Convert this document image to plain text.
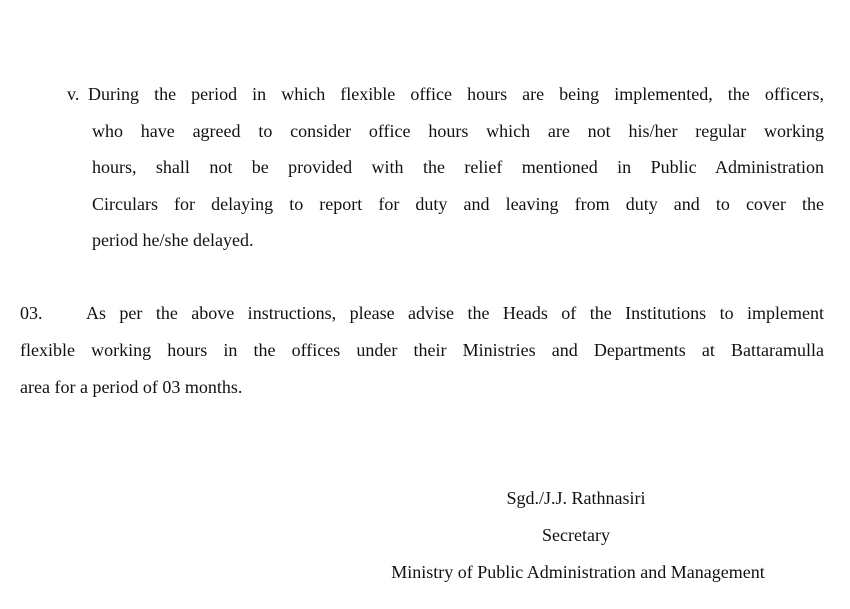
v. During the period in which flexible office hours are being implemented, the officers,
who have agreed to consider office hours which are not his/her regular working
hours, shall not be provided with the relief mentioned in Public Administration
Circulars for delaying to report for duty and leaving from duty and to cover the
period he/she delayed.
03. As per the above instructions, please advise the Heads of the Institutions to implement
flexible working hours in the offices under their Ministries and Departments at Battaramulla
area for a period of 03 months.
Sgd./J.J. Rathnasiri
Secretary
Ministry of Public Administration and Management
